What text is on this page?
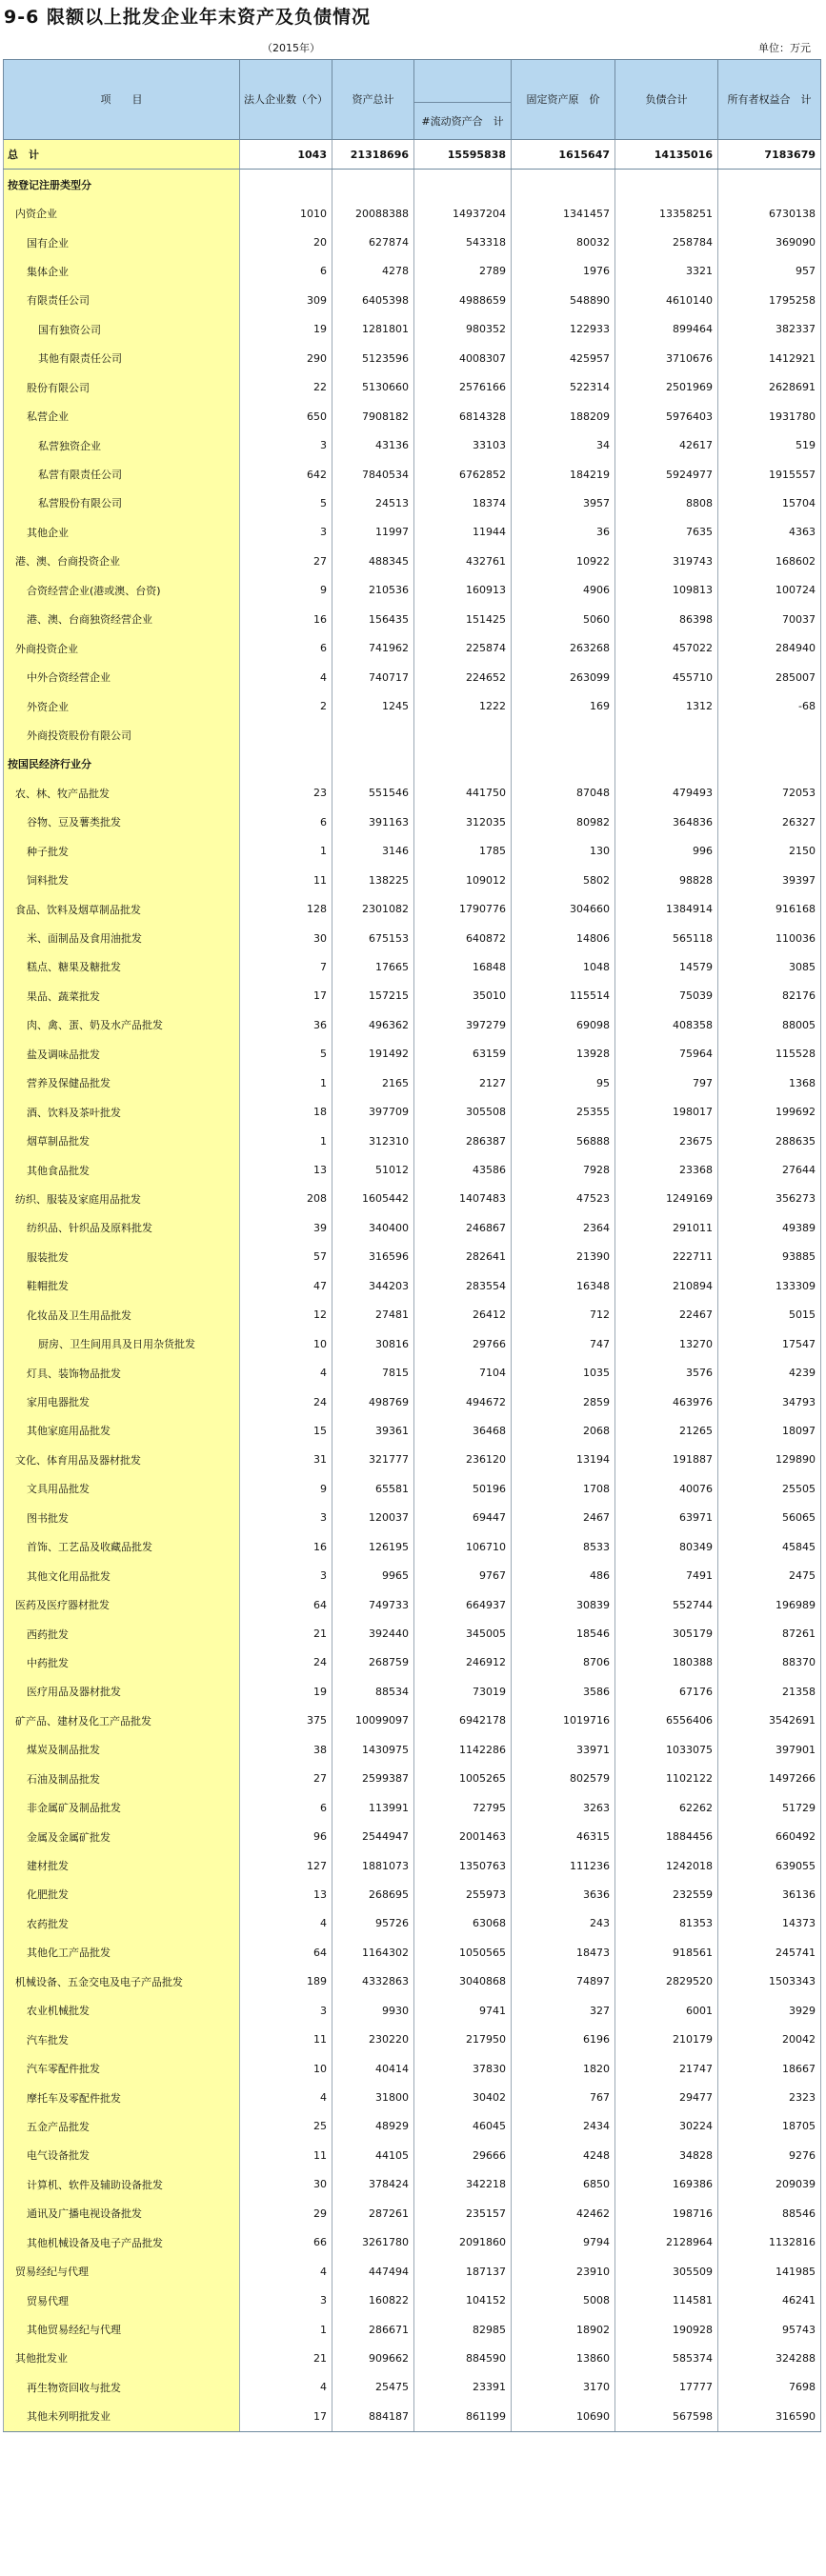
9-6 限额以上批发企业年末资产及负债情况
（2015年）	单位：万元
项　　目	法人企业数（个）	资产总计		固定资产原　价	负债合计	所有者权益合　计
			#流动资产合　计			
总　计	1043	21318696	15595838	1615647	14135016	7183679
按登记注册类型分						
内资企业	1010	20088388	14937204	1341457	13358251	6730138
国有企业	20	627874	543318	80032	258784	369090
集体企业	6	4278	2789	1976	3321	957
有限责任公司	309	6405398	4988659	548890	4610140	1795258
国有独资公司	19	1281801	980352	122933	899464	382337
其他有限责任公司	290	5123596	4008307	425957	3710676	1412921
股份有限公司	22	5130660	2576166	522314	2501969	2628691
私营企业	650	7908182	6814328	188209	5976403	1931780
私营独资企业	3	43136	33103	34	42617	519
私营有限责任公司	642	7840534	6762852	184219	5924977	1915557
私营股份有限公司	5	24513	18374	3957	8808	15704
其他企业	3	11997	11944	36	7635	4363
港、澳、台商投资企业	27	488345	432761	10922	319743	168602
合资经营企业(港或澳、台资)	9	210536	160913	4906	109813	100724
港、澳、台商独资经营企业	16	156435	151425	5060	86398	70037
外商投资企业	6	741962	225874	263268	457022	284940
中外合资经营企业	4	740717	224652	263099	455710	285007
外资企业	2	1245	1222	169	1312	-68
外商投资股份有限公司						
按国民经济行业分						
农、林、牧产品批发	23	551546	441750	87048	479493	72053
谷物、豆及薯类批发	6	391163	312035	80982	364836	26327
种子批发	1	3146	1785	130	996	2150
饲料批发	11	138225	109012	5802	98828	39397
食品、饮料及烟草制品批发	128	2301082	1790776	304660	1384914	916168
米、面制品及食用油批发	30	675153	640872	14806	565118	110036
糕点、糖果及糖批发	7	17665	16848	1048	14579	3085
果品、蔬菜批发	17	157215	35010	115514	75039	82176
肉、禽、蛋、奶及水产品批发	36	496362	397279	69098	408358	88005
盐及调味品批发	5	191492	63159	13928	75964	115528
营养及保健品批发	1	2165	2127	95	797	1368
酒、饮料及茶叶批发	18	397709	305508	25355	198017	199692
烟草制品批发	1	312310	286387	56888	23675	288635
其他食品批发	13	51012	43586	7928	23368	27644
纺织、服装及家庭用品批发	208	1605442	1407483	47523	1249169	356273
纺织品、针织品及原料批发	39	340400	246867	2364	291011	49389
服装批发	57	316596	282641	21390	222711	93885
鞋帽批发	47	344203	283554	16348	210894	133309
化妆品及卫生用品批发	12	27481	26412	712	22467	5015
厨房、卫生间用具及日用杂货批发	10	30816	29766	747	13270	17547
灯具、装饰物品批发	4	7815	7104	1035	3576	4239
家用电器批发	24	498769	494672	2859	463976	34793
其他家庭用品批发	15	39361	36468	2068	21265	18097
文化、体育用品及器材批发	31	321777	236120	13194	191887	129890
文具用品批发	9	65581	50196	1708	40076	25505
图书批发	3	120037	69447	2467	63971	56065
首饰、工艺品及收藏品批发	16	126195	106710	8533	80349	45845
其他文化用品批发	3	9965	9767	486	7491	2475
医药及医疗器材批发	64	749733	664937	30839	552744	196989
西药批发	21	392440	345005	18546	305179	87261
中药批发	24	268759	246912	8706	180388	88370
医疗用品及器材批发	19	88534	73019	3586	67176	21358
矿产品、建材及化工产品批发	375	10099097	6942178	1019716	6556406	3542691
煤炭及制品批发	38	1430975	1142286	33971	1033075	397901
石油及制品批发	27	2599387	1005265	802579	1102122	1497266
非金属矿及制品批发	6	113991	72795	3263	62262	51729
金属及金属矿批发	96	2544947	2001463	46315	1884456	660492
建材批发	127	1881073	1350763	111236	1242018	639055
化肥批发	13	268695	255973	3636	232559	36136
农药批发	4	95726	63068	243	81353	14373
其他化工产品批发	64	1164302	1050565	18473	918561	245741
机械设备、五金交电及电子产品批发	189	4332863	3040868	74897	2829520	1503343
农业机械批发	3	9930	9741	327	6001	3929
汽车批发	11	230220	217950	6196	210179	20042
汽车零配件批发	10	40414	37830	1820	21747	18667
摩托车及零配件批发	4	31800	30402	767	29477	2323
五金产品批发	25	48929	46045	2434	30224	18705
电气设备批发	11	44105	29666	4248	34828	9276
计算机、软件及辅助设备批发	30	378424	342218	6850	169386	209039
通讯及广播电视设备批发	29	287261	235157	42462	198716	88546
其他机械设备及电子产品批发	66	3261780	2091860	9794	2128964	1132816
贸易经纪与代理	4	447494	187137	23910	305509	141985
贸易代理	3	160822	104152	5008	114581	46241
其他贸易经纪与代理	1	286671	82985	18902	190928	95743
其他批发业	21	909662	884590	13860	585374	324288
再生物资回收与批发	4	25475	23391	3170	17777	7698
其他未列明批发业	17	884187	861199	10690	567598	316590
